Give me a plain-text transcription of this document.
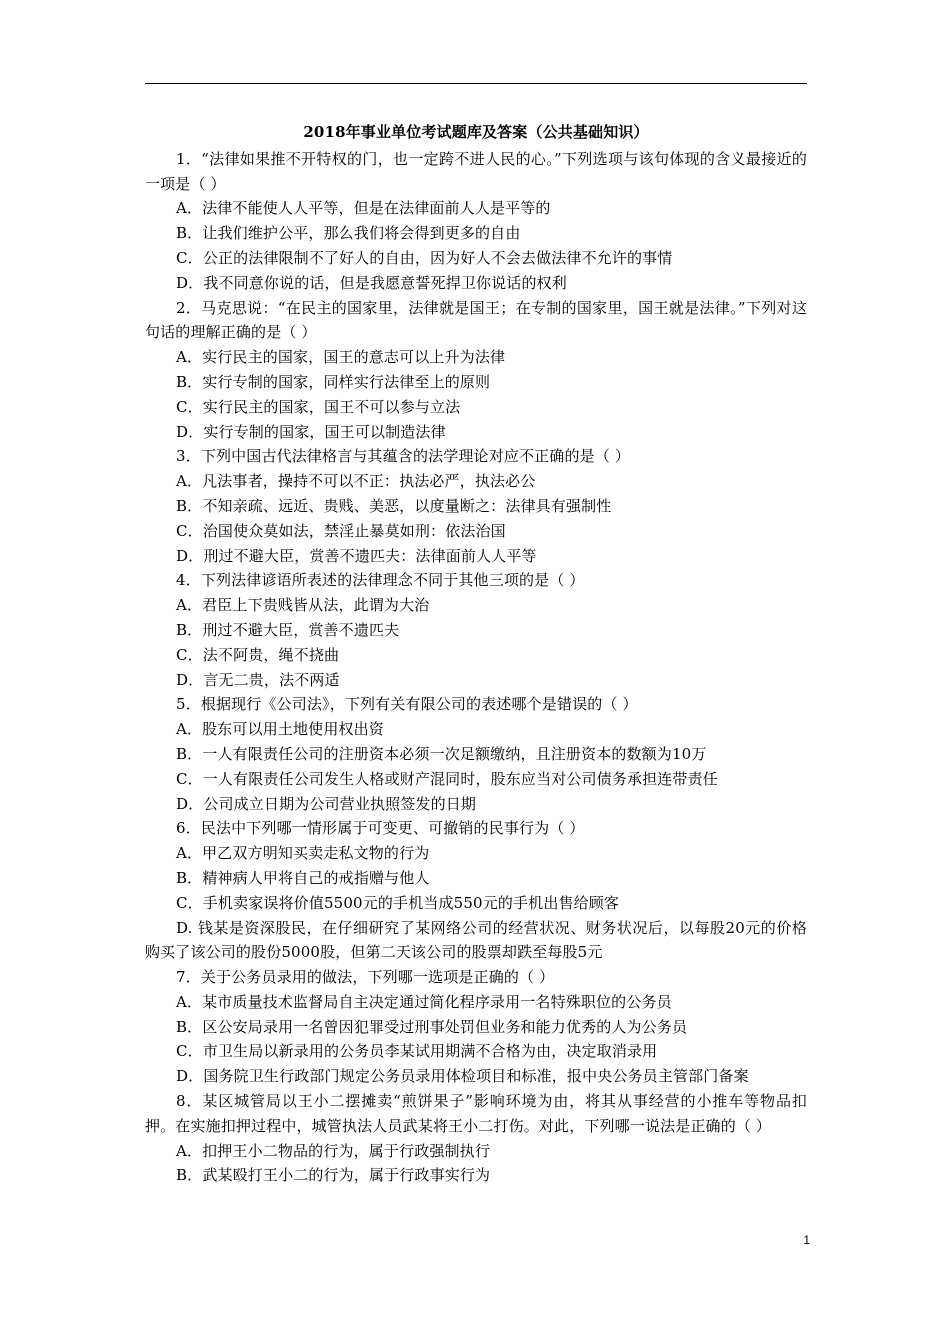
2018年事业单位考试题库及答案（公共基础知识）

1．“法律如果推不开特权的门，也一定跨不进人民的心。”下列选项与该句体现的含义最接近的一项是（ ）

A．法律不能使人人平等，但是在法律面前人人是平等的

B．让我们维护公平，那么我们将会得到更多的自由

C．公正的法律限制不了好人的自由，因为好人不会去做法律不允许的事情

D．我不同意你说的话，但是我愿意誓死捍卫你说话的权利

2．马克思说：“在民主的国家里，法律就是国王；在专制的国家里，国王就是法律。”下列对这句话的理解正确的是（ ）

A．实行民主的国家，国王的意志可以上升为法律

B．实行专制的国家，同样实行法律至上的原则

C．实行民主的国家，国王不可以参与立法

D．实行专制的国家，国王可以制造法律

3．下列中国古代法律格言与其蕴含的法学理论对应不正确的是（ ）

A．凡法事者，操持不可以不正：执法必严，执法必公

B．不知亲疏、远近、贵贱、美恶，以度量断之：法律具有强制性

C．治国使众莫如法，禁淫止暴莫如刑：依法治国

D．刑过不避大臣，赏善不遗匹夫：法律面前人人平等

4．下列法律谚语所表述的法律理念不同于其他三项的是（ ）

A．君臣上下贵贱皆从法，此谓为大治

B．刑过不避大臣，赏善不遗匹夫

C．法不阿贵，绳不挠曲

D．言无二贵，法不两适

5．根据现行《公司法》，下列有关有限公司的表述哪个是错误的（ ）

A．股东可以用土地使用权出资

B．一人有限责任公司的注册资本必须一次足额缴纳，且注册资本的数额为10万

C．一人有限责任公司发生人格或财产混同时，股东应当对公司债务承担连带责任

D．公司成立日期为公司营业执照签发的日期

6．民法中下列哪一情形属于可变更、可撤销的民事行为（ ）

A．甲乙双方明知买卖走私文物的行为

B．精神病人甲将自己的戒指赠与他人

C．手机卖家误将价值5500元的手机当成550元的手机出售给顾客

D. 钱某是资深股民，在仔细研究了某网络公司的经营状况、财务状况后，以每股20元的价格购买了该公司的股份5000股，但第二天该公司的股票却跌至每股5元

7．关于公务员录用的做法，下列哪一选项是正确的（ ）

A．某市质量技术监督局自主决定通过简化程序录用一名特殊职位的公务员

B．区公安局录用一名曾因犯罪受过刑事处罚但业务和能力优秀的人为公务员

C．市卫生局以新录用的公务员李某试用期满不合格为由，决定取消录用

D．国务院卫生行政部门规定公务员录用体检项目和标准，报中央公务员主管部门备案

8．某区城管局以王小二摆摊卖“煎饼果子”影响环境为由，将其从事经营的小推车等物品扣押。在实施扣押过程中，城管执法人员武某将王小二打伤。对此，下列哪一说法是正确的（ ）

A．扣押王小二物品的行为，属于行政强制执行

B．武某殴打王小二的行为，属于行政事实行为

1
